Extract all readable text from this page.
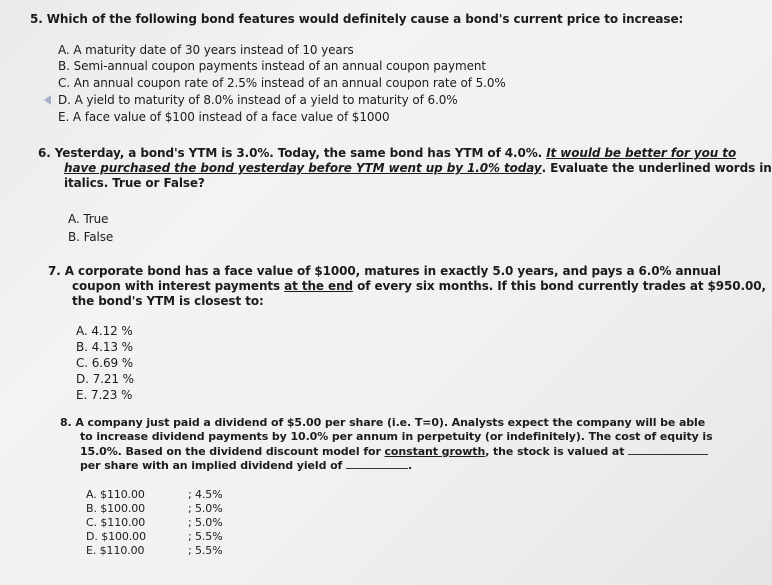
5. Which of the following bond features would definitely cause a bond's current price to increase:
A. A maturity date of 30 years instead of 10 years
B. Semi-annual coupon payments instead of an annual coupon payment
C. An annual coupon rate of 2.5% instead of an annual coupon rate of 5.0%
D. A yield to maturity of 8.0% instead of a yield to maturity of 6.0%
E. A face value of $100 instead of a face value of $1000
6. Yesterday, a bond's YTM is 3.0%. Today, the same bond has YTM of 4.0%. It would be better for you to
have purchased the bond yesterday before YTM went up by 1.0% today. Evaluate the underlined words in
italics. True or False?
A. True
B. False
7. A corporate bond has a face value of $1000, matures in exactly 5.0 years, and pays a 6.0% annual
coupon with interest payments at the end of every six months. If this bond currently trades at $950.00,
the bond's YTM is closest to:
A. 4.12 %
B. 4.13 %
C. 6.69 %
D. 7.21 %
E. 7.23 %
8. A company just paid a dividend of $5.00 per share (i.e. T=0). Analysts expect the company will be able
to increase dividend payments by 10.0% per annum in perpetuity (or indefinitely). The cost of equity is
15.0%. Based on the dividend discount model for constant growth, the stock is valued at
per share with an implied dividend yield of	.
A. $110.00	; 4.5%
B. $100.00	; 5.0%
C. $110.00	; 5.0%
D. $100.00	; 5.5%
E. $110.00	; 5.5%
